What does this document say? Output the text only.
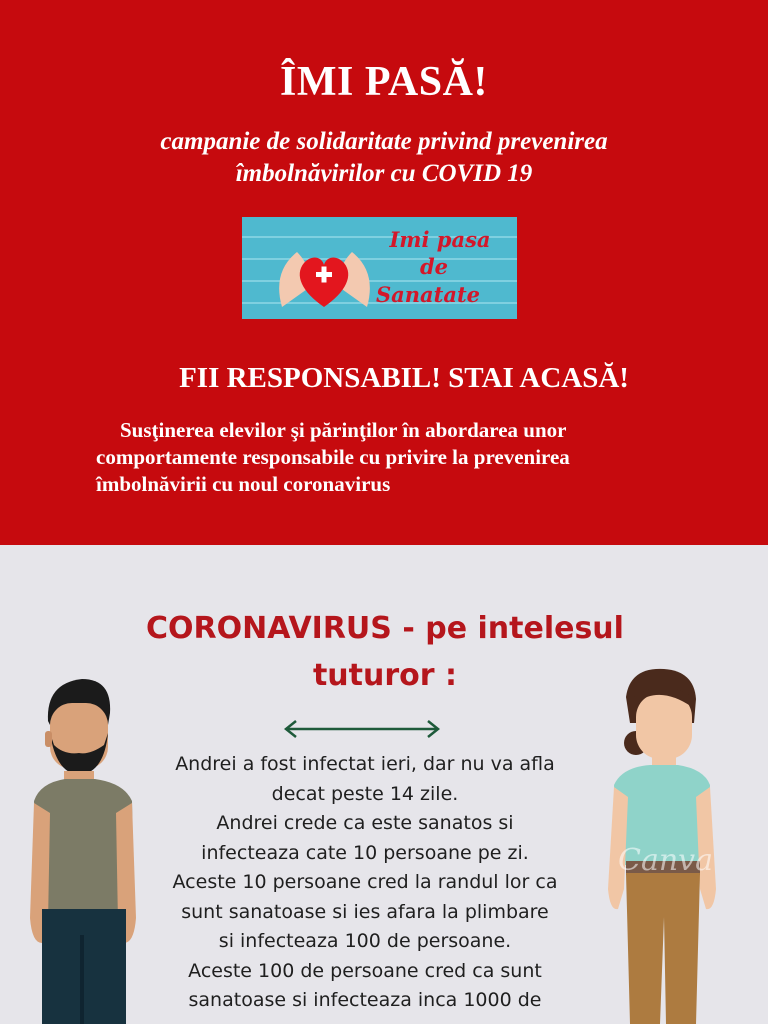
ÎMI PASĂ!
campanie de solidaritate privind prevenirea
îmbolnăvirilor cu COVID 19
Imi pasa
de
Sanatate
FII RESPONSABIL! STAI ACASĂ!
Susţinerea elevilor şi părinţilor în abordarea unor
comportamente responsabile cu privire la prevenirea
îmbolnăvirii cu noul coronavirus
CORONAVIRUS - pe intelesul
tuturor :
Andrei a fost infectat ieri, dar nu va afla
decat peste 14 zile.
Andrei crede ca este sanatos si
infecteaza cate 10 persoane pe zi.
Aceste 10 persoane cred la randul lor ca
sunt sanatoase si ies afara la plimbare
si infecteaza 100 de persoane.
Aceste 100 de persoane cred ca sunt
sanatoase si infecteaza inca 1000 de
Canva
